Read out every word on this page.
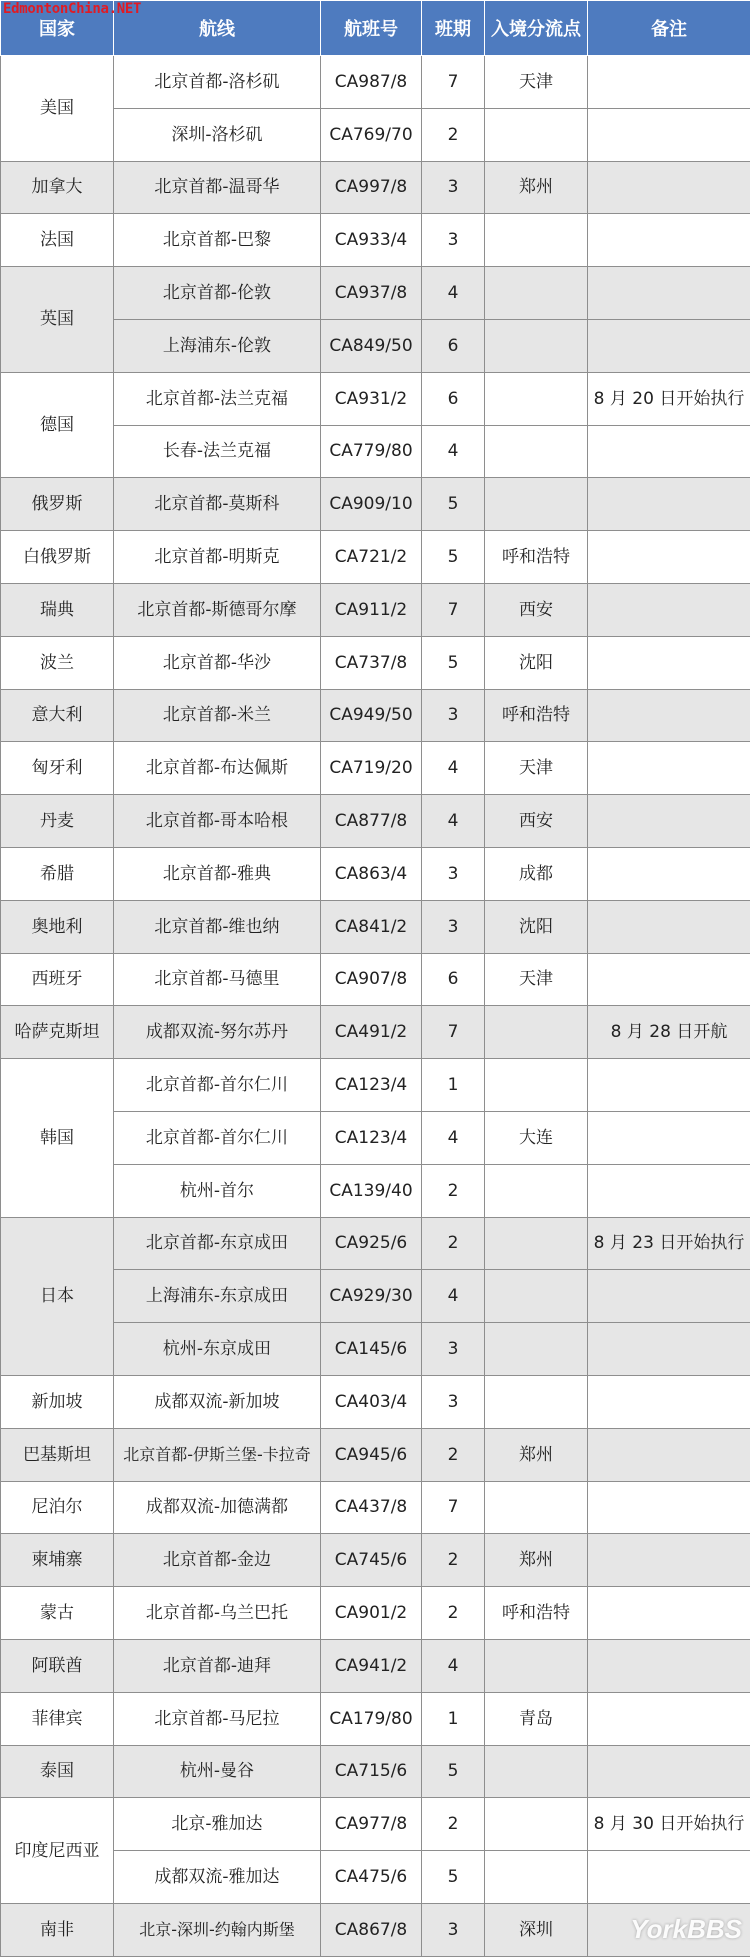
国家	航线	航班号	班期	入境分流点	备注
美国	北京首都-洛杉矶	CA987/8	7	天津	
	深圳-洛杉矶	CA769/70	2		
加拿大	北京首都-温哥华	CA997/8	3	郑州	
法国	北京首都-巴黎	CA933/4	3		
英国	北京首都-伦敦	CA937/8	4		
	上海浦东-伦敦	CA849/50	6		
德国	北京首都-法兰克福	CA931/2	6		8 月 20 日开始执行
	长春-法兰克福	CA779/80	4		
俄罗斯	北京首都-莫斯科	CA909/10	5		
白俄罗斯	北京首都-明斯克	CA721/2	5	呼和浩特	
瑞典	北京首都-斯德哥尔摩	CA911/2	7	西安	
波兰	北京首都-华沙	CA737/8	5	沈阳	
意大利	北京首都-米兰	CA949/50	3	呼和浩特	
匈牙利	北京首都-布达佩斯	CA719/20	4	天津	
丹麦	北京首都-哥本哈根	CA877/8	4	西安	
希腊	北京首都-雅典	CA863/4	3	成都	
奥地利	北京首都-维也纳	CA841/2	3	沈阳	
西班牙	北京首都-马德里	CA907/8	6	天津	
哈萨克斯坦	成都双流-努尔苏丹	CA491/2	7		8 月 28 日开航
韩国	北京首都-首尔仁川	CA123/4	1		
	北京首都-首尔仁川	CA123/4	4	大连	
	杭州-首尔	CA139/40	2		
日本	北京首都-东京成田	CA925/6	2		8 月 23 日开始执行
	上海浦东-东京成田	CA929/30	4		
	杭州-东京成田	CA145/6	3		
新加坡	成都双流-新加坡	CA403/4	3		
巴基斯坦	北京首都-伊斯兰堡-卡拉奇	CA945/6	2	郑州	
尼泊尔	成都双流-加德满都	CA437/8	7		
柬埔寨	北京首都-金边	CA745/6	2	郑州	
蒙古	北京首都-乌兰巴托	CA901/2	2	呼和浩特	
阿联酋	北京首都-迪拜	CA941/2	4		
菲律宾	北京首都-马尼拉	CA179/80	1	青岛	
泰国	杭州-曼谷	CA715/6	5		
印度尼西亚	北京-雅加达	CA977/8	2		8 月 30 日开始执行
	成都双流-雅加达	CA475/6	5		
南非	北京-深圳-约翰内斯堡	CA867/8	3	深圳	
EdmontonChina.NET
YorkBBS
